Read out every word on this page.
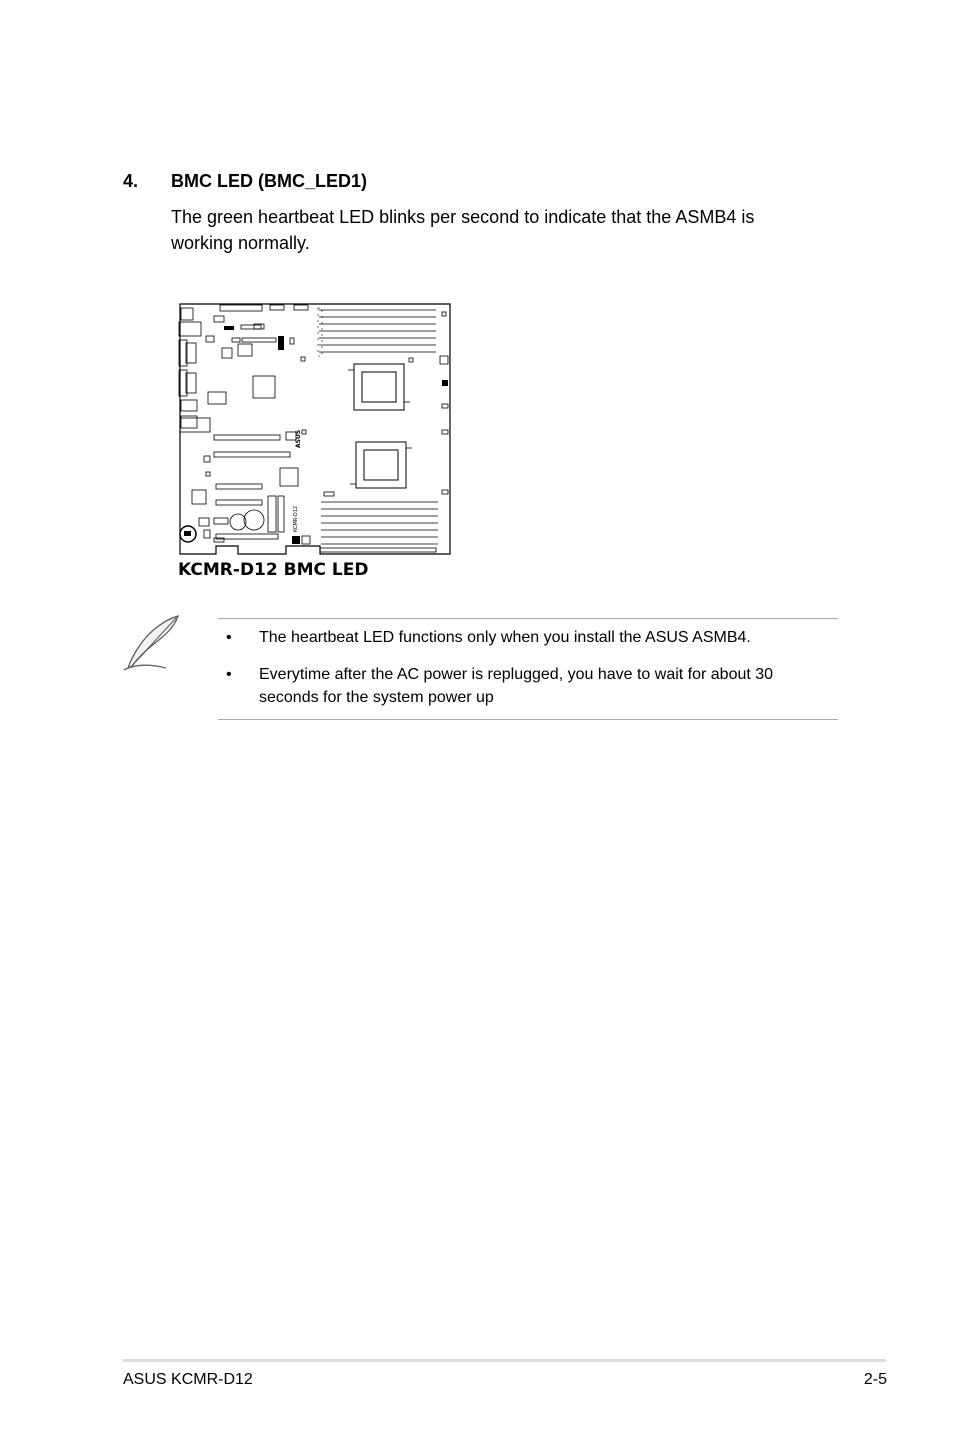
4. BMC LED (BMC_LED1)
The green heartbeat LED blinks per second to indicate that the ASMB4 is working normally.
ASUS
KCMR-D12
KCMR-D12 BMC LED
• The heartbeat LED functions only when you install the ASUS ASMB4.
• Everytime after the AC power is replugged, you have to wait for about 30 seconds for the system power up
ASUS KCMR-D12	2-5
